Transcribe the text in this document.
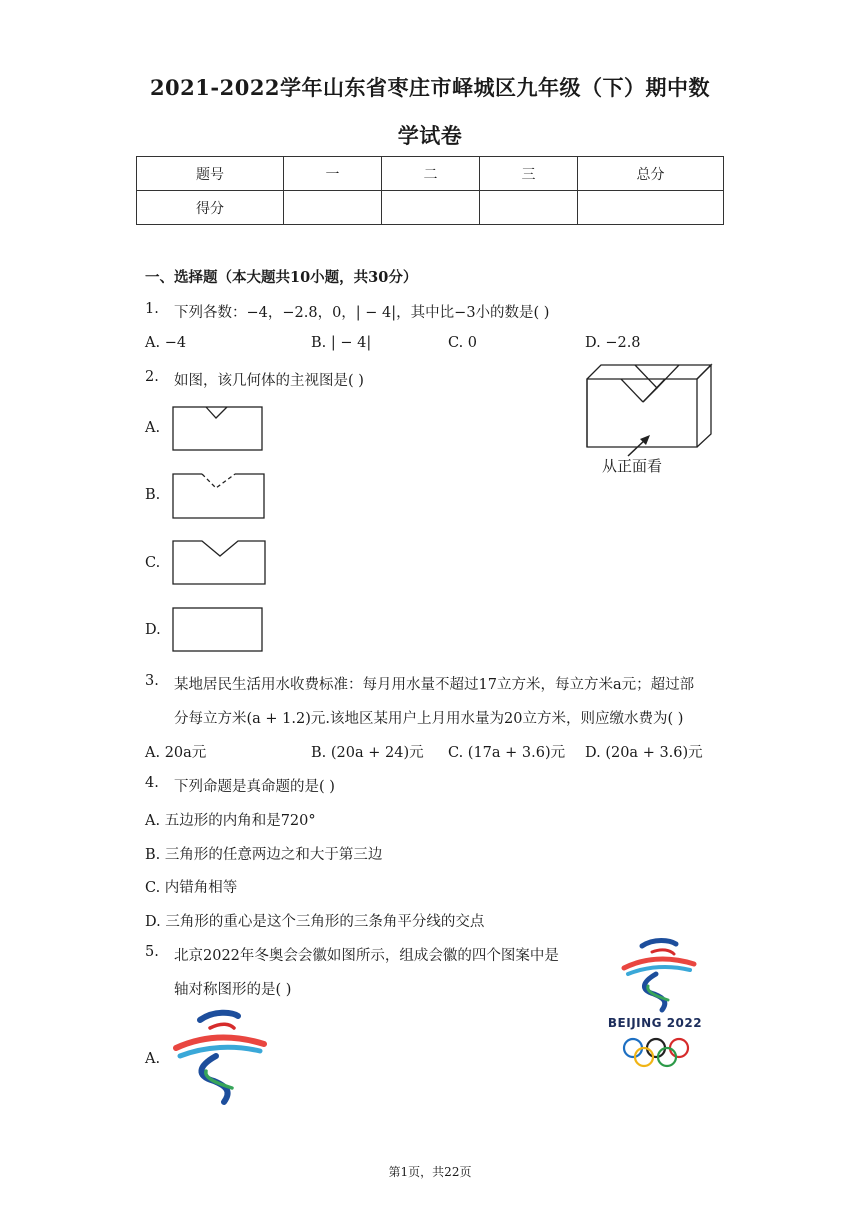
2021-2022学年山东省枣庄市峄城区九年级（下）期中数
学试卷
题号	一	二	三	总分
得分				
一、选择题（本大题共10小题，共30分）
1. 下列各数：−4，−2.8，0，| − 4|，其中比−3小的数是( )
A. −4	B. | − 4|	C. 0	D. −2.8
2. 如图，该几何体的主视图是( )
从正面看
A.
B.
C.
D.
3. 某地居民生活用水收费标准：每月用水量不超过17立方米，每立方米a元；超过部
分每立方米(a + 1.2)元.该地区某用户上月用水量为20立方米，则应缴水费为( )
A. 20a元	B. (20a + 24)元 C. (17a + 3.6)元 D. (20a + 3.6)元
4. 下列命题是真命题的是( )
A. 五边形的内角和是720°
B. 三角形的任意两边之和大于第三边
C. 内错角相等
D. 三角形的重心是这个三角形的三条角平分线的交点
5. 北京2022年冬奥会会徽如图所示，组成会徽的四个图案中是
轴对称图形的是( )
BEIJING 2022
A.
第1页，共22页
